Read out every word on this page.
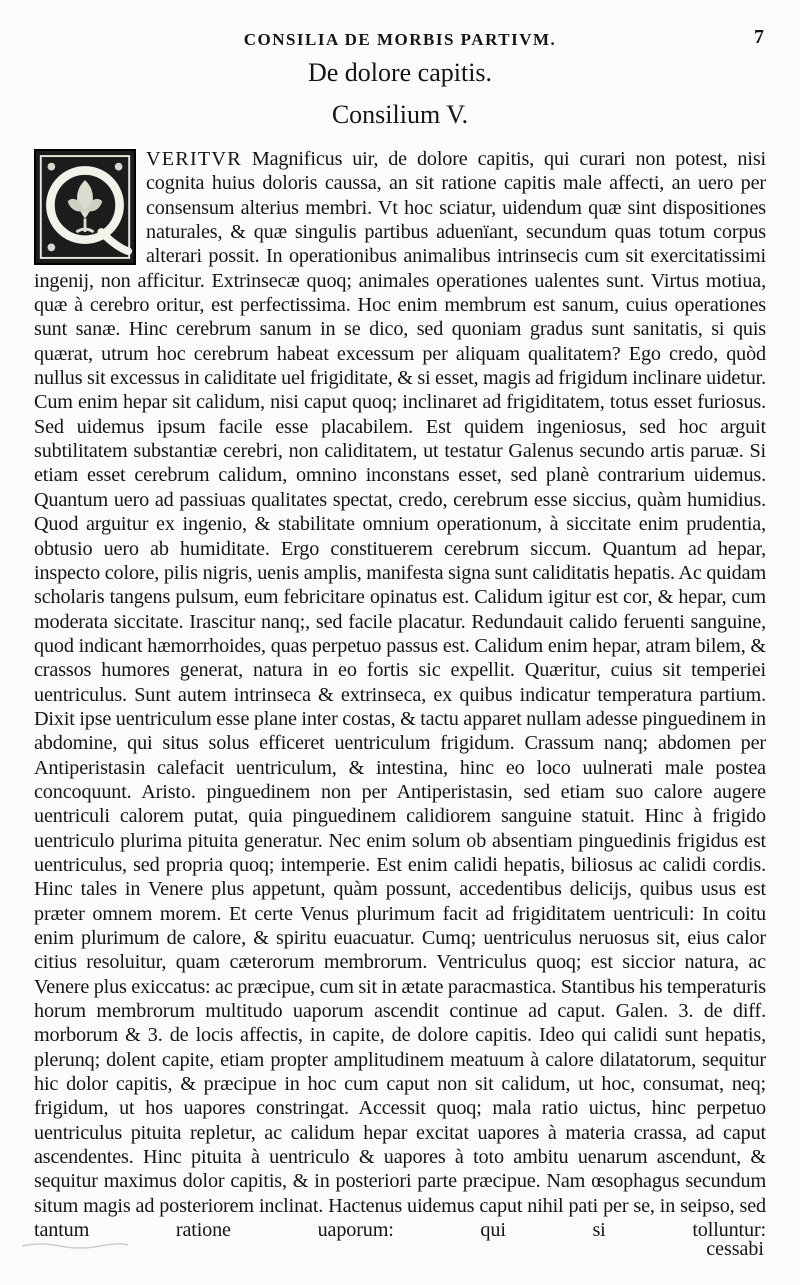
CONSILIA DE MORBIS PARTIVM.	7
De dolore capitis.
Consilium V.

VERITVR Magnificus uir, de dolore capitis, qui curari non potest, nisi cognita huius doloris caussa, an sit ratione capitis male affecti, an uero per consensum alterius membri. Vt hoc sciatur, uidendum quæ sint dispositiones naturales, & quæ singulis partibus aduenïant, secundum quas totum corpus alterari possit. In operationibus animalibus intrinsecis cum sit exercitatissimi ingenij, non afficitur. Extrinsecæ quoq; animales operationes ualentes sunt. Virtus motiua, quæ à cerebro oritur, est perfectissima. Hoc enim membrum est sanum, cuius operationes sunt sanæ. Hinc cerebrum sanum in se dico, sed quoniam gradus sunt sanitatis, si quis quærat, utrum hoc cerebrum habeat excessum per aliquam qualitatem? Ego credo, quòd nullus sit excessus in caliditate uel frigiditate, & si esset, magis ad frigidum inclinare uidetur. Cum enim hepar sit calidum, nisi caput quoq; inclinaret ad frigiditatem, totus esset furiosus. Sed uidemus ipsum facile esse placabilem. Est quidem ingeniosus, sed hoc arguit subtilitatem substantiæ cerebri, non caliditatem, ut testatur Galenus secundo artis paruæ. Si etiam esset cerebrum calidum, omnino inconstans esset, sed planè contrarium uidemus. Quantum uero ad passiuas qualitates spectat, credo, cerebrum esse siccius, quàm humidius. Quod arguitur ex ingenio, & stabilitate omnium operationum, à siccitate enim prudentia, obtusio uero ab humiditate. Ergo constituerem cerebrum siccum. Quantum ad hepar, inspecto colore, pilis nigris, uenis amplis, manifesta signa sunt caliditatis hepatis. Ac quidam scholaris tangens pulsum, eum febricitare opinatus est. Calidum igitur est cor, & hepar, cum moderata siccitate. Irascitur nanq;, sed facile placatur. Redundauit calido feruenti sanguine, quod indicant hæmorrhoides, quas perpetuo passus est. Calidum enim hepar, atram bilem, & crassos humores generat, natura in eo fortis sic expellit. Quæritur, cuius sit temperiei uentriculus. Sunt autem intrinseca & extrinseca, ex quibus indicatur temperatura partium. Dixit ipse uentriculum esse plane inter costas, & tactu apparet nullam adesse pinguedinem in abdomine, qui situs solus efficeret uentriculum frigidum. Crassum nanq; abdomen per Antiperistasin calefacit uentriculum, & intestina, hinc eo loco uulnerati male postea concoquunt. Aristo. pinguedinem non per Antiperistasin, sed etiam suo calore augere uentriculi calorem putat, quia pinguedinem calidiorem sanguine statuit. Hinc à frigido uentriculo plurima pituita generatur. Nec enim solum ob absentiam pinguedinis frigidus est uentriculus, sed propria quoq; intemperie. Est enim calidi hepatis, biliosus ac calidi cordis. Hinc tales in Venere plus appetunt, quàm possunt, accedentibus delicijs, quibus usus est præter omnem morem. Et certe Venus plurimum facit ad frigiditatem uentriculi: In coitu enim plurimum de calore, & spiritu euacuatur. Cumq; uentriculus neruosus sit, eius calor citius resoluitur, quam cæterorum membrorum. Ventriculus quoq; est siccior natura, ac Venere plus exiccatus: ac præcipue, cum sit in ætate paracmastica. Stantibus his temperaturis horum membrorum multitudo uaporum ascendit continue ad caput. Galen. 3. de diff. morborum & 3. de locis affectis, in capite, de dolore capitis. Ideo qui calidi sunt hepatis, plerunq; dolent capite, etiam propter amplitudinem meatuum à calore dilatatorum, sequitur hic dolor capitis, & præcipue in hoc cum caput non sit calidum, ut hoc, consumat, neq; frigidum, ut hos uapores constringat. Accessit quoq; mala ratio uictus, hinc perpetuo uentriculus pituita repletur, ac calidum hepar excitat uapores à materia crassa, ad caput ascendentes. Hinc pituita à uentriculo & uapores à toto ambitu uenarum ascendunt, & sequitur maximus dolor capitis, & in posteriori parte præcipue. Nam œsophagus secundum situm magis ad posteriorem inclinat. Hactenus uidemus caput nihil pati per se, in seipso, sed tantum ratione uaporum: qui si tolluntur:

cessabi
